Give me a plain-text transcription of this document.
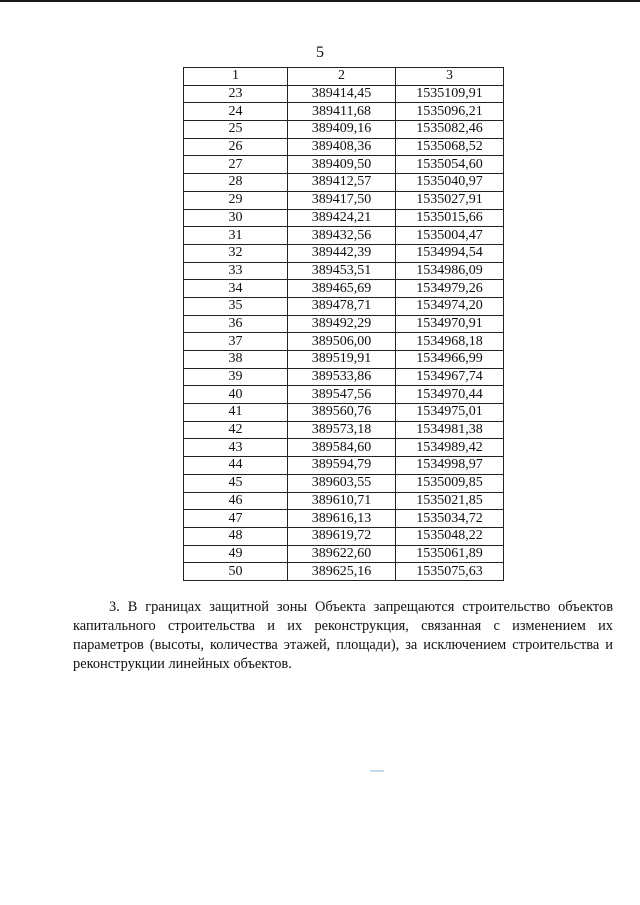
5
1	2	3
23	389414,45	1535109,91
24	389411,68	1535096,21
25	389409,16	1535082,46
26	389408,36	1535068,52
27	389409,50	1535054,60
28	389412,57	1535040,97
29	389417,50	1535027,91
30	389424,21	1535015,66
31	389432,56	1535004,47
32	389442,39	1534994,54
33	389453,51	1534986,09
34	389465,69	1534979,26
35	389478,71	1534974,20
36	389492,29	1534970,91
37	389506,00	1534968,18
38	389519,91	1534966,99
39	389533,86	1534967,74
40	389547,56	1534970,44
41	389560,76	1534975,01
42	389573,18	1534981,38
43	389584,60	1534989,42
44	389594,79	1534998,97
45	389603,55	1535009,85
46	389610,71	1535021,85
47	389616,13	1535034,72
48	389619,72	1535048,22
49	389622,60	1535061,89
50	389625,16	1535075,63

3. В границах защитной зоны Объекта запрещаются строительство объектов капитального строительства и их реконструкция, связанная с изменением их параметров (высоты, количества этажей, площади), за исключением строительства и реконструкции линейных объектов.
